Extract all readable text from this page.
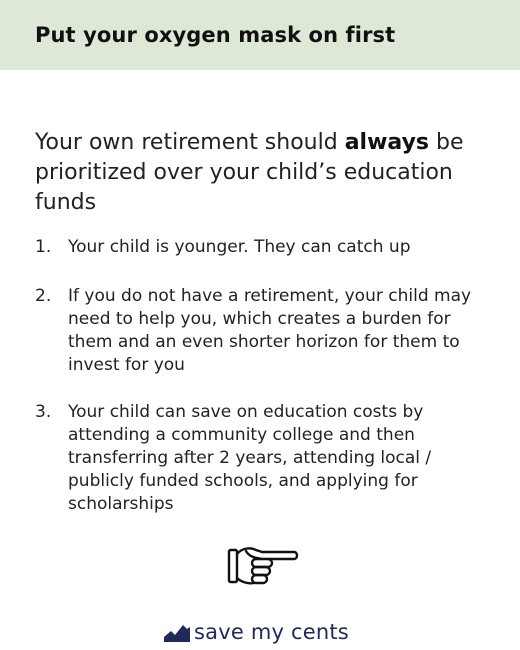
Put your oxygen mask on first
Your own retirement should always be prioritized over your child’s education funds
1. Your child is younger. They can catch up
2. If you do not have a retirement, your child may need to help you, which creates a burden for them and an even shorter horizon for them to invest for you
3. Your child can save on education costs by attending a community college and then transferring after 2 years, attending local / publicly funded schools, and applying for scholarships
save my cents
